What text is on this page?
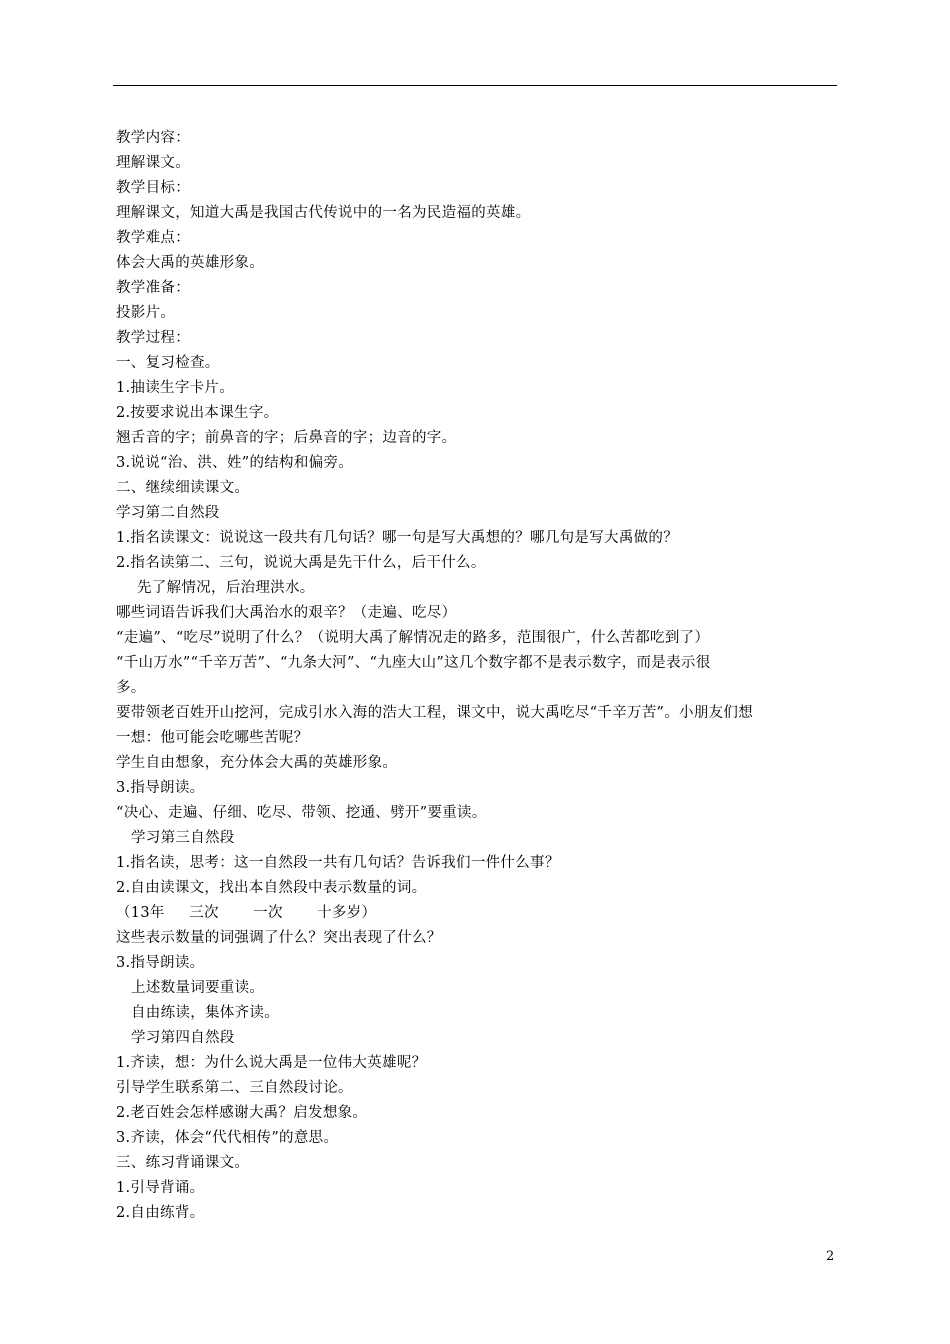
教学内容：
理解课文。
教学目标：
理解课文，知道大禹是我国古代传说中的一名为民造福的英雄。
教学难点：
体会大禹的英雄形象。
教学准备：
投影片。
教学过程：
一、复习检查。
1.抽读生字卡片。
2.按要求说出本课生字。
翘舌音的字；前鼻音的字；后鼻音的字；边音的字。
3.说说“治、洪、姓”的结构和偏旁。
二、继续细读课文。
学习第二自然段
1.指名读课文：说说这一段共有几句话？哪一句是写大禹想的？哪几句是写大禹做的？
2.指名读第二、三句，说说大禹是先干什么，后干什么。
先了解情况，后治理洪水。
哪些词语告诉我们大禹治水的艰辛？（走遍、吃尽）
“走遍”、“吃尽”说明了什么？（说明大禹了解情况走的路多，范围很广，什么苦都吃到了）
“千山万水”“千辛万苦”、“九条大河”、“九座大山”这几个数字都不是表示数字，而是表示很
多。
要带领老百姓开山挖河，完成引水入海的浩大工程，课文中，说大禹吃尽“千辛万苦”。小朋友们想
一想：他可能会吃哪些苦呢？
学生自由想象，充分体会大禹的英雄形象。
3.指导朗读。
“决心、走遍、仔细、吃尽、带领、挖通、劈开”要重读。
学习第三自然段
1.指名读，思考：这一自然段一共有几句话？告诉我们一件什么事？
2.自由读课文，找出本自然段中表示数量的词。
（13年     三次       一次       十多岁）
这些表示数量的词强调了什么？突出表现了什么？
3.指导朗读。
上述数量词要重读。
自由练读，集体齐读。
学习第四自然段
1.齐读，想：为什么说大禹是一位伟大英雄呢？
引导学生联系第二、三自然段讨论。
2.老百姓会怎样感谢大禹？启发想象。
3.齐读，体会“代代相传”的意思。
三、练习背诵课文。
1.引导背诵。
2.自由练背。
2
